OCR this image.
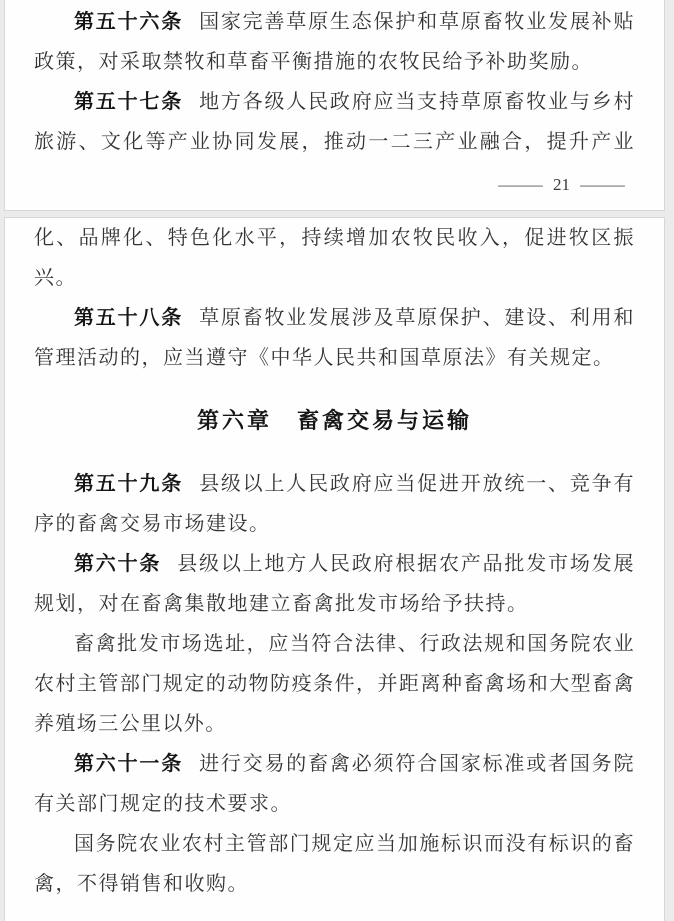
第五十六条 国家完善草原生态保护和草原畜牧业发展补贴政策，对采取禁牧和草畜平衡措施的农牧民给予补助奖励。

第五十七条 地方各级人民政府应当支持草原畜牧业与乡村旅游、文化等产业协同发展，推动一二三产业融合，提升产业

— 21 —

化、品牌化、特色化水平，持续增加农牧民收入，促进牧区振兴。

第五十八条 草原畜牧业发展涉及草原保护、建设、利用和管理活动的，应当遵守《中华人民共和国草原法》有关规定。

第六章　畜禽交易与运输

第五十九条 县级以上人民政府应当促进开放统一、竞争有序的畜禽交易市场建设。

第六十条 县级以上地方人民政府根据农产品批发市场发展规划，对在畜禽集散地建立畜禽批发市场给予扶持。

畜禽批发市场选址，应当符合法律、行政法规和国务院农业农村主管部门规定的动物防疫条件，并距离种畜禽场和大型畜禽养殖场三公里以外。

第六十一条 进行交易的畜禽必须符合国家标准或者国务院有关部门规定的技术要求。

国务院农业农村主管部门规定应当加施标识而没有标识的畜禽，不得销售和收购。
